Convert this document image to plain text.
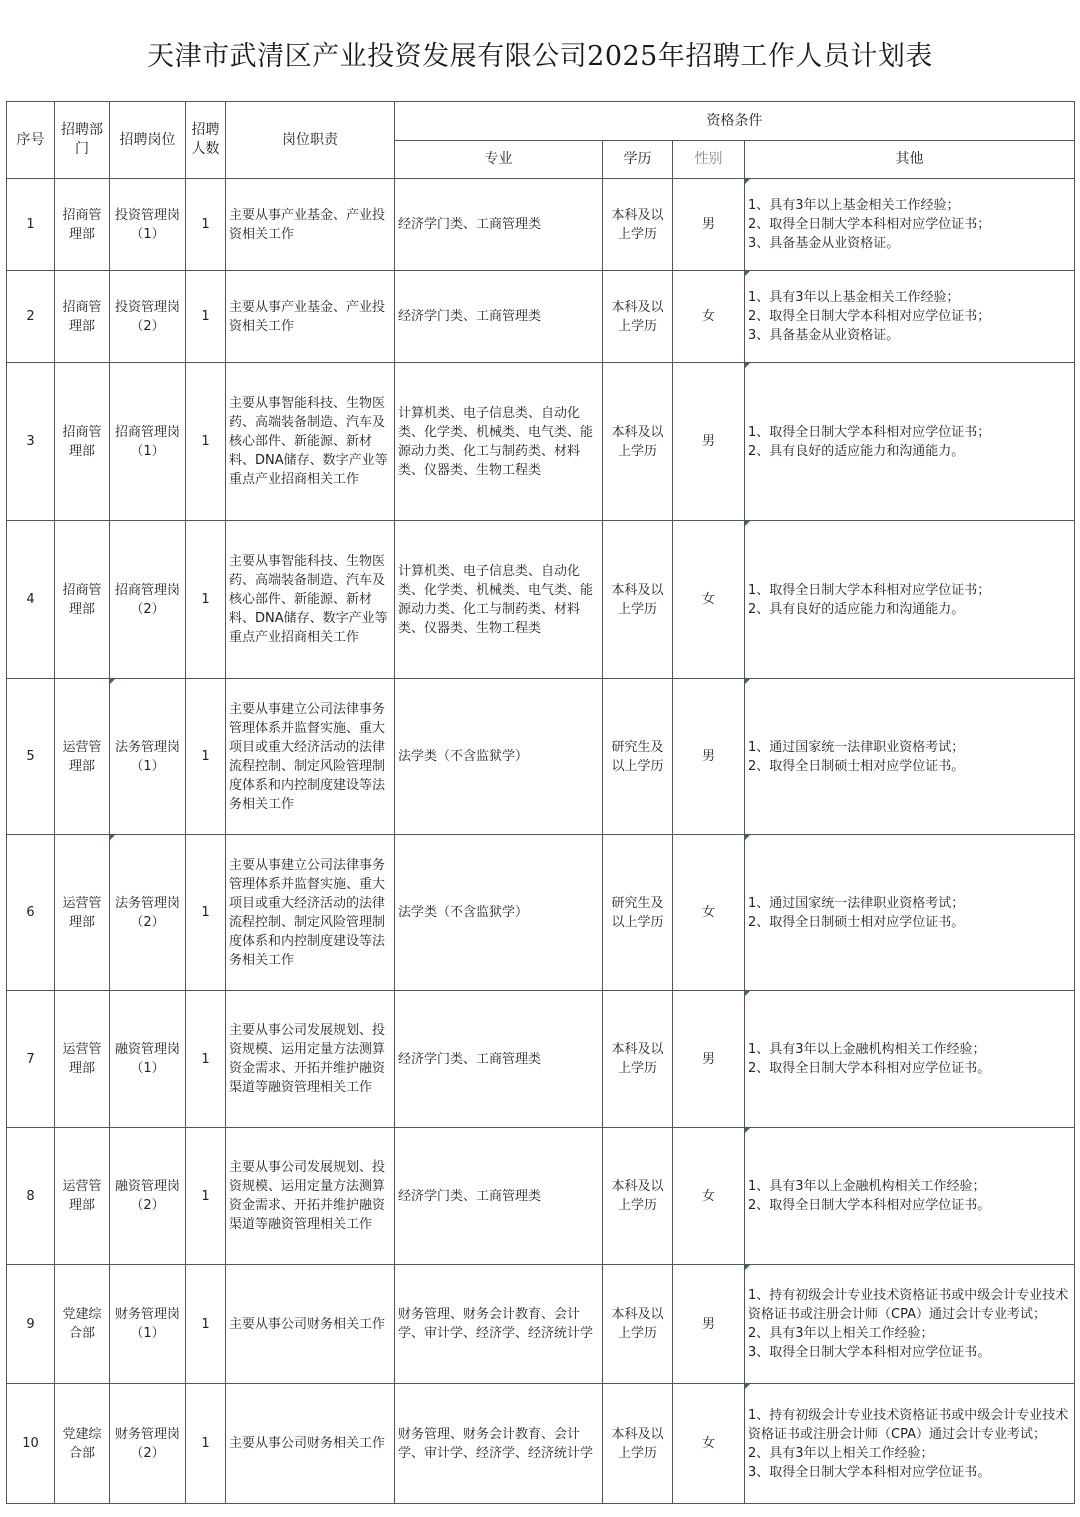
天津市武清区产业投资发展有限公司2025年招聘工作人员计划表
序号	招聘部门	招聘岗位	招聘人数	岗位职责	资格条件			
					专业	学历	性别	其他
1	招商管理部	投资管理岗（1）	1	主要从事产业基金、产业投资相关工作	经济学门类、工商管理类	本科及以上学历	男	1、具有3年以上基金相关工作经验；
2、取得全日制大学本科相对应学位证书；
3、具备基金从业资格证。

2	招商管理部	投资管理岗（2）	1	主要从事产业基金、产业投资相关工作	经济学门类、工商管理类	本科及以上学历	女	1、具有3年以上基金相关工作经验；
2、取得全日制大学本科相对应学位证书；
3、具备基金从业资格证。

3	招商管理部	招商管理岗（1）	1	主要从事智能科技、生物医药、高端装备制造、汽车及核心部件、新能源、新材料、DNA储存、数字产业等重点产业招商相关工作	计算机类、电子信息类、自动化类、化学类、机械类、电气类、能源动力类、化工与制药类、材料类、仪器类、生物工程类	本科及以上学历	男	1、取得全日制大学本科相对应学位证书；
2、具有良好的适应能力和沟通能力。

4	招商管理部	招商管理岗（2）	1	主要从事智能科技、生物医药、高端装备制造、汽车及核心部件、新能源、新材料、DNA储存、数字产业等重点产业招商相关工作	计算机类、电子信息类、自动化类、化学类、机械类、电气类、能源动力类、化工与制药类、材料类、仪器类、生物工程类	本科及以上学历	女	1、取得全日制大学本科相对应学位证书；
2、具有良好的适应能力和沟通能力。

5	运营管理部	法务管理岗（1）	1	主要从事建立公司法律事务管理体系并监督实施、重大项目或重大经济活动的法律流程控制、制定风险管理制度体系和内控制度建设等法务相关工作	法学类（不含监狱学）	研究生及以上学历	男	1、通过国家统一法律职业资格考试；
2、取得全日制硕士相对应学位证书。

6	运营管理部	法务管理岗（2）	1	主要从事建立公司法律事务管理体系并监督实施、重大项目或重大经济活动的法律流程控制、制定风险管理制度体系和内控制度建设等法务相关工作	法学类（不含监狱学）	研究生及以上学历	女	1、通过国家统一法律职业资格考试；
2、取得全日制硕士相对应学位证书。

7	运营管理部	融资管理岗（1）	1	主要从事公司发展规划、投资规模、运用定量方法测算资金需求、开拓并维护融资渠道等融资管理相关工作	经济学门类、工商管理类	本科及以上学历	男	1、具有3年以上金融机构相关工作经验；
2、取得全日制大学本科相对应学位证书。

8	运营管理部	融资管理岗（2）	1	主要从事公司发展规划、投资规模、运用定量方法测算资金需求、开拓并维护融资渠道等融资管理相关工作	经济学门类、工商管理类	本科及以上学历	女	1、具有3年以上金融机构相关工作经验；
2、取得全日制大学本科相对应学位证书。

9	党建综合部	财务管理岗（1）	1	主要从事公司财务相关工作	财务管理、财务会计教育、会计学、审计学、经济学、经济统计学	本科及以上学历	男	1、持有初级会计专业技术资格证书或中级会计专业技术资格证书或注册会计师（CPA）通过会计专业考试；
2、具有3年以上相关工作经验；
3、取得全日制大学本科相对应学位证书。

10	党建综合部	财务管理岗（2）	1	主要从事公司财务相关工作	财务管理、财务会计教育、会计学、审计学、经济学、经济统计学	本科及以上学历	女	1、持有初级会计专业技术资格证书或中级会计专业技术资格证书或注册会计师（CPA）通过会计专业考试；
2、具有3年以上相关工作经验；
3、取得全日制大学本科相对应学位证书。
